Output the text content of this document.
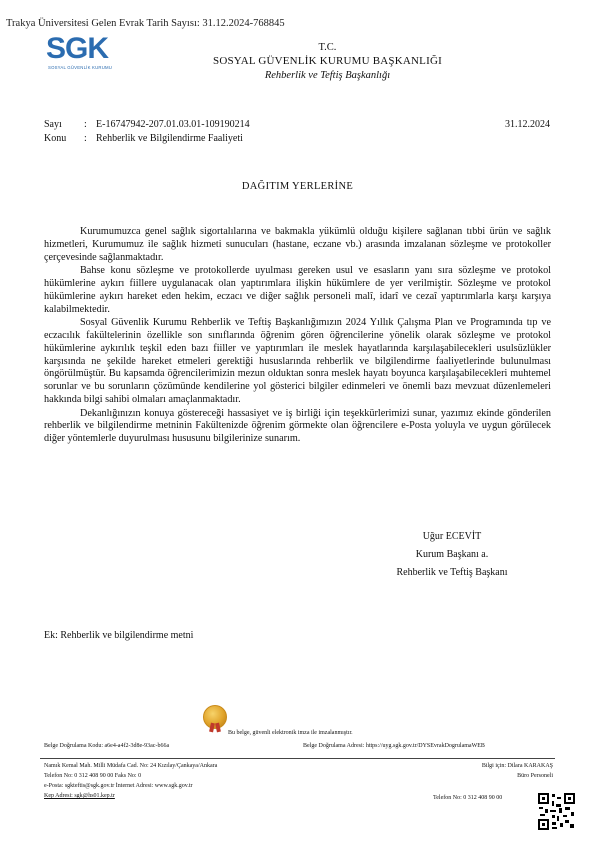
Trakya Üniversitesi Gelen Evrak Tarih Sayısı: 31.12.2024-768845
SGK
SOSYAL GÜVENLİK KURUMU
T.C.
SOSYAL GÜVENLİK KURUMU BAŞKANLIĞI
Rehberlik ve Teftiş Başkanlığı
Sayı : E-16747942-207.01.03.01-109190214
Konu : Rehberlik ve Bilgilendirme Faaliyeti
31.12.2024
DAĞITIM YERLERİNE

Kurumumuzca genel sağlık sigortalılarına ve bakmakla yükümlü olduğu kişilere sağlanan tıbbi ürün ve sağlık hizmetleri, Kurumumuz ile sağlık hizmeti sunucuları (hastane, eczane vb.) arasında imzalanan sözleşme ve protokoller çerçevesinde sağlanmaktadır.

Bahse konu sözleşme ve protokollerde uyulması gereken usul ve esasların yanı sıra sözleşme ve protokol hükümlerine aykırı fiillere uygulanacak olan yaptırımlara ilişkin hükümlere de yer verilmiştir. Sözleşme ve protokol hükümlerine aykırı hareket eden hekim, eczacı ve diğer sağlık personeli malî, idarî ve cezaî yaptırımlarla karşı karşıya kalabilmektedir.

Sosyal Güvenlik Kurumu Rehberlik ve Teftiş Başkanlığımızın 2024 Yıllık Çalışma Plan ve Programında tıp ve eczacılık fakültelerinin özellikle son sınıflarında öğrenim gören öğrencilerine yönelik olarak sözleşme ve protokol hükümlerine aykırılık teşkil eden bazı fiiller ve yaptırımları ile meslek hayatlarında karşılaşabilecekleri usulsüzlükler karşısında ne şekilde hareket etmeleri gerektiği hususlarında rehberlik ve bilgilendirme faaliyetlerinde bulunulması öngörülmüştür. Bu kapsamda öğrencilerimizin mezun olduktan sonra meslek hayatı boyunca karşılaşabilecekleri muhtemel sorunlar ve bu sorunların çözümünde kendilerine yol gösterici bilgiler edinmeleri ve önemli bazı mevzuat düzenlemeleri hakkında bilgi sahibi olmaları amaçlanmaktadır.

Dekanlığınızın konuya göstereceği hassasiyet ve iş birliği için teşekkürlerimizi sunar, yazımız ekinde gönderilen rehberlik ve bilgilendirme metninin Fakültenizde öğrenim görmekte olan öğrencilere e-Posta yoluyla ve uygun görülecek diğer yöntemlerle duyurulması hususunu bilgilerinize sunarım.

Uğur ECEVİT
Kurum Başkanı a.
Rehberlik ve Teftiş Başkanı
Ek: Rehberlik ve bilgilendirme metni
Bu belge, güvenli elektronik imza ile imzalanmıştır.
Belge Doğrulama Kodu: a6e4-a4f2-3d8e-93ac-b66a	Belge Doğrulama Adresi: https://uyg.sgk.gov.tr/DYSEvrakDogrulamaWEB
Namık Kemal Mah. Milli Müdafa Cad. No: 24 Kızılay/Çankaya/Ankara
Telefon No: 0 312 408 90 00 Faks No: 0
e-Posta: sgkteftis@sgk.gov.tr İnternet Adresi: www.sgk.gov.tr
Kep Adresi: sgk@hs01.kep.tr
Bilgi için: Dilara KARAKAŞ
Büro Personeli
Telefon No: 0 312 408 90 00
